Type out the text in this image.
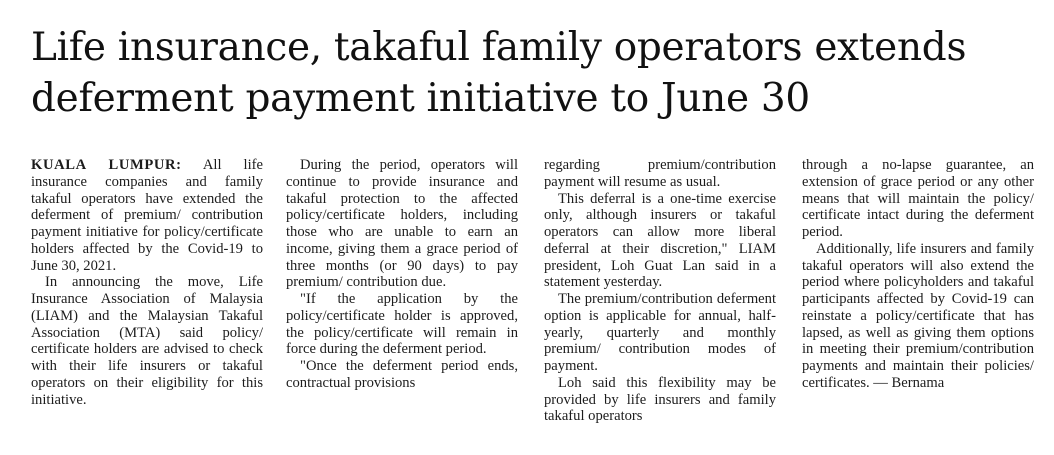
Life insurance, takaful family operators extends
deferment payment initiative to June 30

KUALA LUMPUR: All life insurance companies and family takaful operators have extended the deferment of premium/ contribution payment initiative for policy/certificate holders affected by the Covid-19 to June 30, 2021.

In announcing the move, Life Insurance Association of Malaysia (LIAM) and the Malaysian Takaful Association (MTA) said policy/ certificate holders are advised to check with their life insurers or takaful operators on their eligibility for this initiative.

During the period, operators will continue to provide insurance and takaful protection to the affected policy/certificate holders, including those who are unable to earn an income, giving them a grace period of three months (or 90 days) to pay premium/ contribution due.

"If the application by the policy/certificate holder is approved, the policy/certificate will remain in force during the deferment period.

"Once the deferment period ends, contractual provisions

regarding premium/contribution payment will resume as usual.

This deferral is a one-time exercise only, although insurers or takaful operators can allow more liberal deferral at their discretion," LIAM president, Loh Guat Lan said in a statement yesterday.

The premium/contribution deferment option is applicable for annual, half-yearly, quarterly and monthly premium/ contribution modes of payment.

Loh said this flexibility may be provided by life insurers and family takaful operators

through a no-lapse guarantee, an extension of grace period or any other means that will maintain the policy/ certificate intact during the deferment period.

Additionally, life insurers and family takaful operators will also extend the period where policyholders and takaful participants affected by Covid-19 can reinstate a policy/certificate that has lapsed, as well as giving them options in meeting their premium/contribution payments and maintain their policies/ certificates. — Bernama
